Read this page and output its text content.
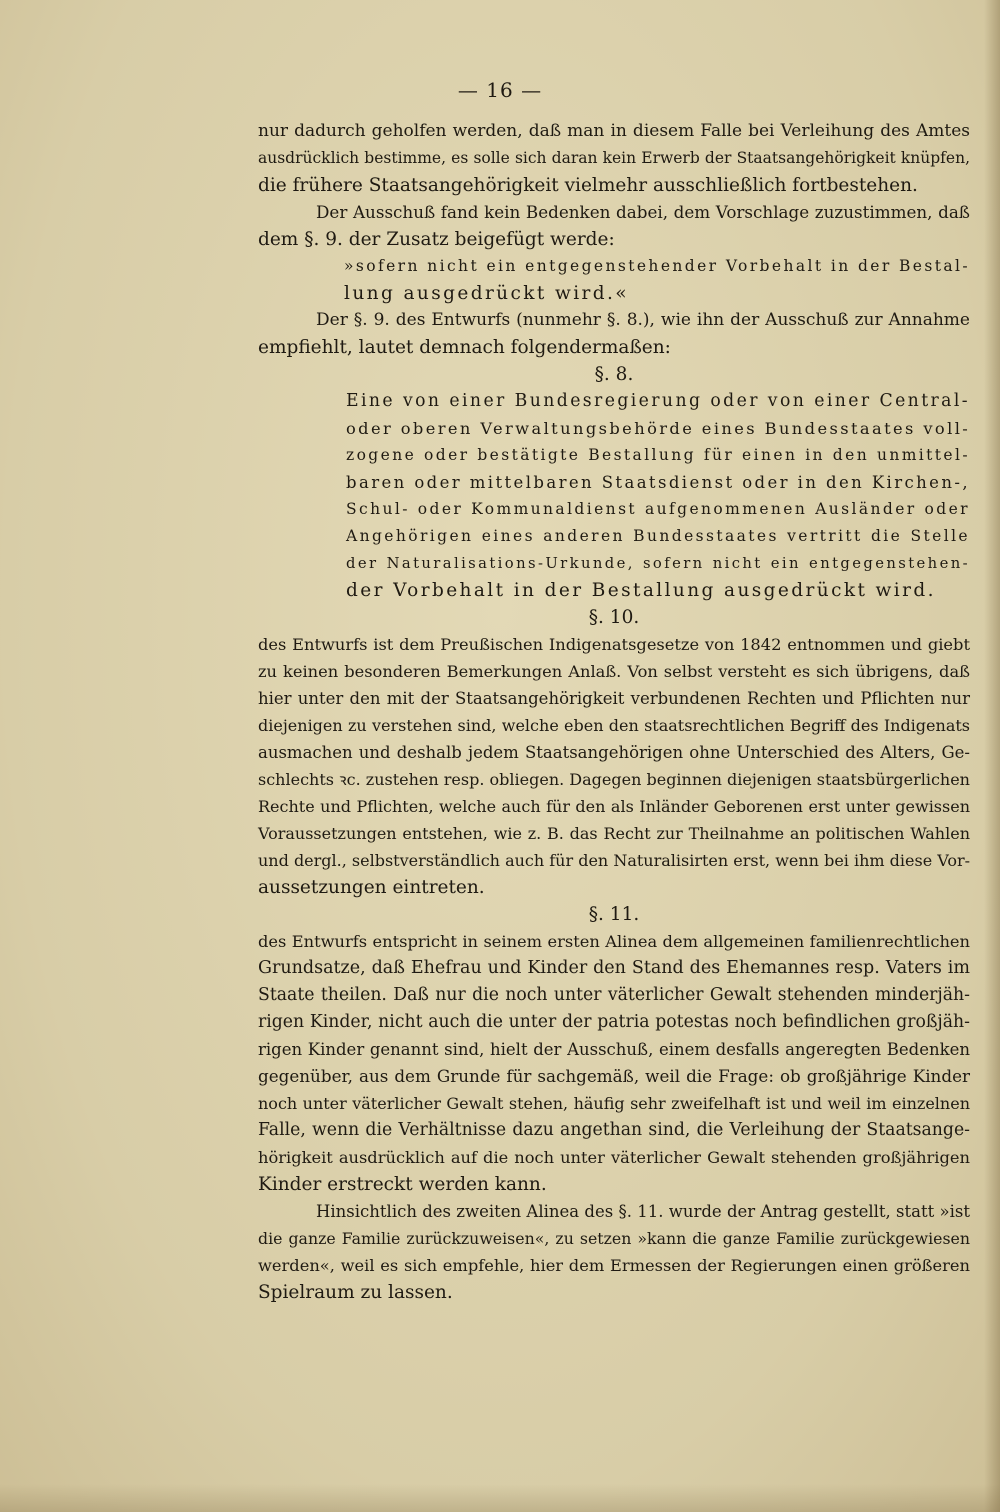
— 16 —
nur dadurch geholfen werden, daß man in diesem Falle bei Verleihung des Amtes
ausdrücklich bestimme, es solle sich daran kein Erwerb der Staatsangehörigkeit knüpfen,
die frühere Staatsangehörigkeit vielmehr ausschließlich fortbestehen.
Der Ausschuß fand kein Bedenken dabei, dem Vorschlage zuzustimmen, daß
dem §. 9. der Zusatz beigefügt werde:
»sofern nicht ein entgegenstehender Vorbehalt in der Bestal-
lung ausgedrückt wird.«
Der §. 9. des Entwurfs (nunmehr §. 8.), wie ihn der Ausschuß zur Annahme
empfiehlt, lautet demnach folgendermaßen:
§. 8.
Eine von einer Bundesregierung oder von einer Central-
oder oberen Verwaltungsbehörde eines Bundesstaates voll-
zogene oder bestätigte Bestallung für einen in den unmittel-
baren oder mittelbaren Staatsdienst oder in den Kirchen-,
Schul- oder Kommunaldienst aufgenommenen Ausländer oder
Angehörigen eines anderen Bundesstaates vertritt die Stelle
der Naturalisations-Urkunde, sofern nicht ein entgegenstehen-
der Vorbehalt in der Bestallung ausgedrückt wird.
§. 10.
des Entwurfs ist dem Preußischen Indigenatsgesetze von 1842 entnommen und giebt
zu keinen besonderen Bemerkungen Anlaß. Von selbst versteht es sich übrigens, daß
hier unter den mit der Staatsangehörigkeit verbundenen Rechten und Pflichten nur
diejenigen zu verstehen sind, welche eben den staatsrechtlichen Begriff des Indigenats
ausmachen und deshalb jedem Staatsangehörigen ohne Unterschied des Alters, Ge-
schlechts ꝛc. zustehen resp. obliegen. Dagegen beginnen diejenigen staatsbürgerlichen
Rechte und Pflichten, welche auch für den als Inländer Geborenen erst unter gewissen
Voraussetzungen entstehen, wie z. B. das Recht zur Theilnahme an politischen Wahlen
und dergl., selbstverständlich auch für den Naturalisirten erst, wenn bei ihm diese Vor-
aussetzungen eintreten.
§. 11.
des Entwurfs entspricht in seinem ersten Alinea dem allgemeinen familienrechtlichen
Grundsatze, daß Ehefrau und Kinder den Stand des Ehemannes resp. Vaters im
Staate theilen. Daß nur die noch unter väterlicher Gewalt stehenden minderjäh-
rigen Kinder, nicht auch die unter der patria potestas noch befindlichen großjäh-
rigen Kinder genannt sind, hielt der Ausschuß, einem desfalls angeregten Bedenken
gegenüber, aus dem Grunde für sachgemäß, weil die Frage: ob großjährige Kinder
noch unter väterlicher Gewalt stehen, häufig sehr zweifelhaft ist und weil im einzelnen
Falle, wenn die Verhältnisse dazu angethan sind, die Verleihung der Staatsange-
hörigkeit ausdrücklich auf die noch unter väterlicher Gewalt stehenden großjährigen
Kinder erstreckt werden kann.
Hinsichtlich des zweiten Alinea des §. 11. wurde der Antrag gestellt, statt »ist
die ganze Familie zurückzuweisen«, zu setzen »kann die ganze Familie zurückgewiesen
werden«, weil es sich empfehle, hier dem Ermessen der Regierungen einen größeren
Spielraum zu lassen.
